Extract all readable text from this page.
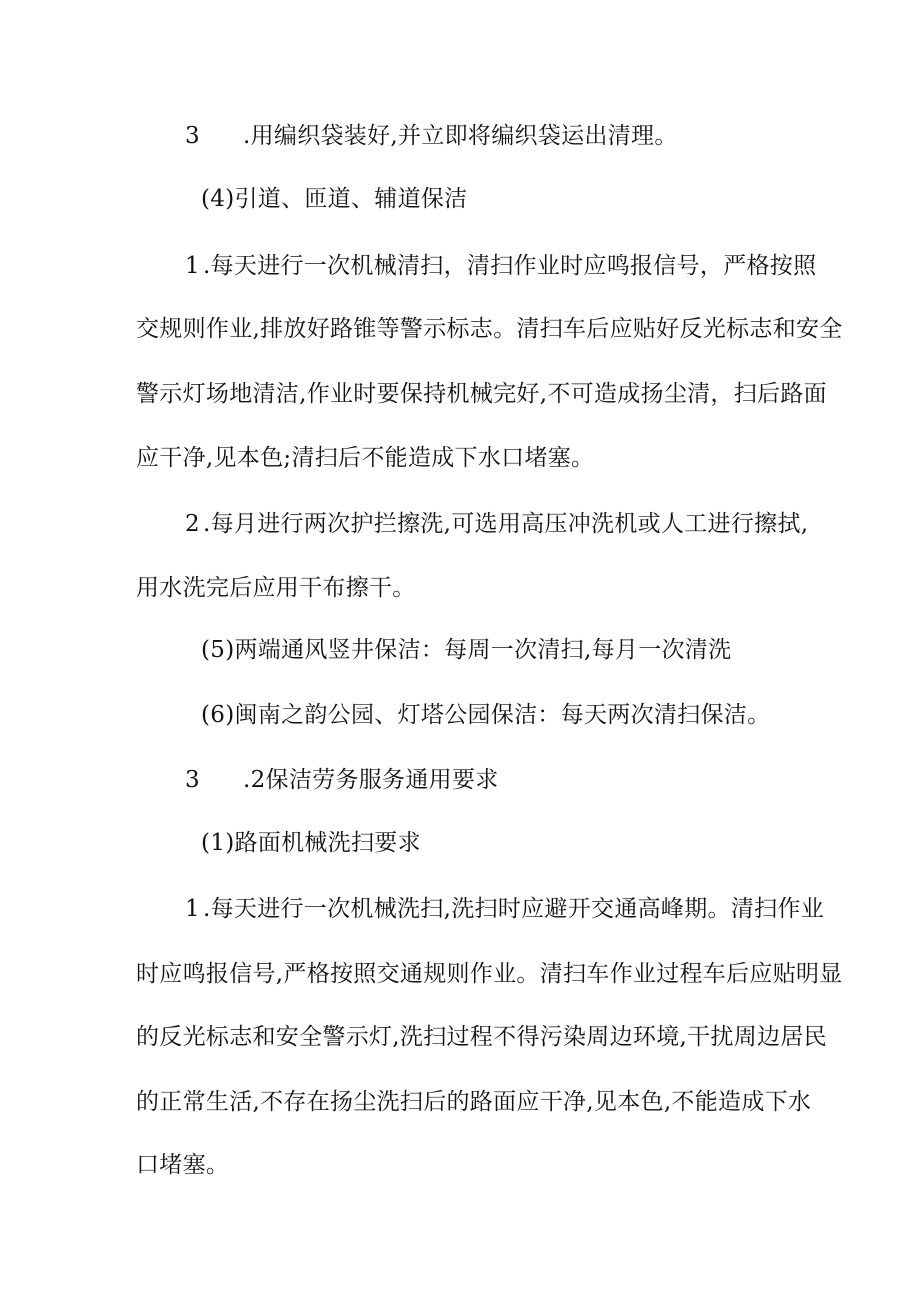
3 .用编织袋装好,并立即将编织袋运出清理。
(4)引道、匝道、辅道保洁
1 .每天进行一次机械清扫，清扫作业时应鸣报信号，严格按照
交规则作业,排放好路锥等警示标志。清扫车后应贴好反光标志和安全
警示灯场地清洁,作业时要保持机械完好,不可造成扬尘清，扫后路面
应干净,见本色;清扫后不能造成下水口堵塞。
2 .每月进行两次护拦擦洗,可选用高压冲洗机或人工进行擦拭,
用水洗完后应用干布擦干。
(5)两端通风竖井保洁：每周一次清扫,每月一次清洗
(6)闽南之韵公园、灯塔公园保洁：每天两次清扫保洁。
3 .2保洁劳务服务通用要求
(1)路面机械洗扫要求
1 .每天进行一次机械洗扫,洗扫时应避开交通高峰期。清扫作业
时应鸣报信号,严格按照交通规则作业。清扫车作业过程车后应贴明显
的反光标志和安全警示灯,洗扫过程不得污染周边环境,干扰周边居民
的正常生活,不存在扬尘洗扫后的路面应干净,见本色,不能造成下水
口堵塞。
